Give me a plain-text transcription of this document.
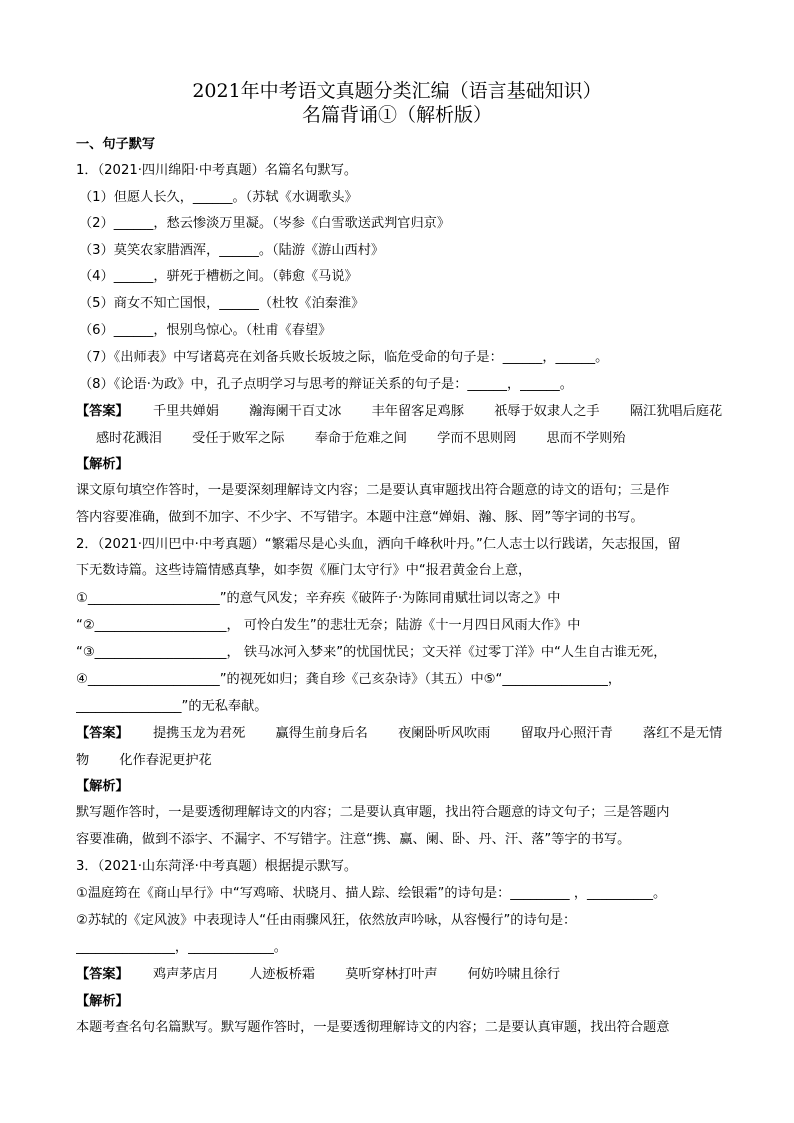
2021年中考语文真题分类汇编（语言基础知识）
名篇背诵①（解析版）
一、句子默写
1．（2021·四川绵阳·中考真题）名篇名句默写。
（1）但愿人长久，______。（苏轼《水调歌头》
（2）______，愁云惨淡万里凝。（岑参《白雪歌送武判官归京》
（3）莫笑农家腊酒浑，______。（陆游《游山西村》
（4）______，骈死于槽枥之间。（韩愈《马说》
（5）商女不知亡国恨，______（杜牧《泊秦淮》
（6）______，恨别鸟惊心。（杜甫《春望》
（7）《出师表》中写诸葛亮在刘备兵败长坂坡之际，临危受命的句子是：______，______。
（8）《论语·为政》中，孔子点明学习与思考的辩证关系的句子是：______，______。
【答案】 千里共婵娟 瀚海阑干百丈冰 丰年留客足鸡豚 祇辱于奴隶人之手 隔江犹唱后庭花
感时花溅泪 受任于败军之际 奉命于危难之间 学而不思则罔 思而不学则殆
【解析】
课文原句填空作答时，一是要深刻理解诗文内容；二是要认真审题找出符合题意的诗文的语句；三是作
答内容要准确，做到不加字、不少字、不写错字。本题中注意“婵娟、瀚、豚、罔”等字词的书写。
2．（2021·四川巴中·中考真题）“繁霜尽是心头血，洒向千峰秋叶丹。”仁人志士以行践诺，矢志报国，留
下无数诗篇。这些诗篇情感真挚，如李贺《雁门太守行》中“报君黄金台上意，
①____________________”的意气风发；辛弃疾《破阵子·为陈同甫赋壮词以寄之》中
“②____________________， 可怜白发生”的悲壮无奈；陆游《十一月四日风雨大作》中
“③____________________， 铁马冰河入梦来”的忧国忧民；文天祥《过零丁洋》中“人生自古谁无死，
④____________________”的视死如归；龚自珍《己亥杂诗》（其五）中⑤“________________，
________________”的无私奉献。
【答案】 提携玉龙为君死 赢得生前身后名 夜阑卧听风吹雨 留取丹心照汗青 落红不是无情
物 化作春泥更护花
【解析】
默写题作答时，一是要透彻理解诗文的内容；二是要认真审题，找出符合题意的诗文句子；三是答题内
容要准确，做到不添字、不漏字、不写错字。注意“携、赢、阑、卧、丹、汗、落”等字的书写。
3．（2021·山东菏泽·中考真题）根据提示默写。
①温庭筠在《商山早行》中“写鸡啼、状晓月、描人踪、绘银霜”的诗句是：_________ ，__________。
②苏轼的《定风波》中表现诗人“任由雨骤风狂，依然放声吟咏，从容慢行”的诗句是：
_______________，_____________。
【答案】 鸡声茅店月 人迹板桥霜 莫听穿林打叶声 何妨吟啸且徐行
【解析】
本题考查名句名篇默写。默写题作答时，一是要透彻理解诗文的内容；二是要认真审题，找出符合题意
